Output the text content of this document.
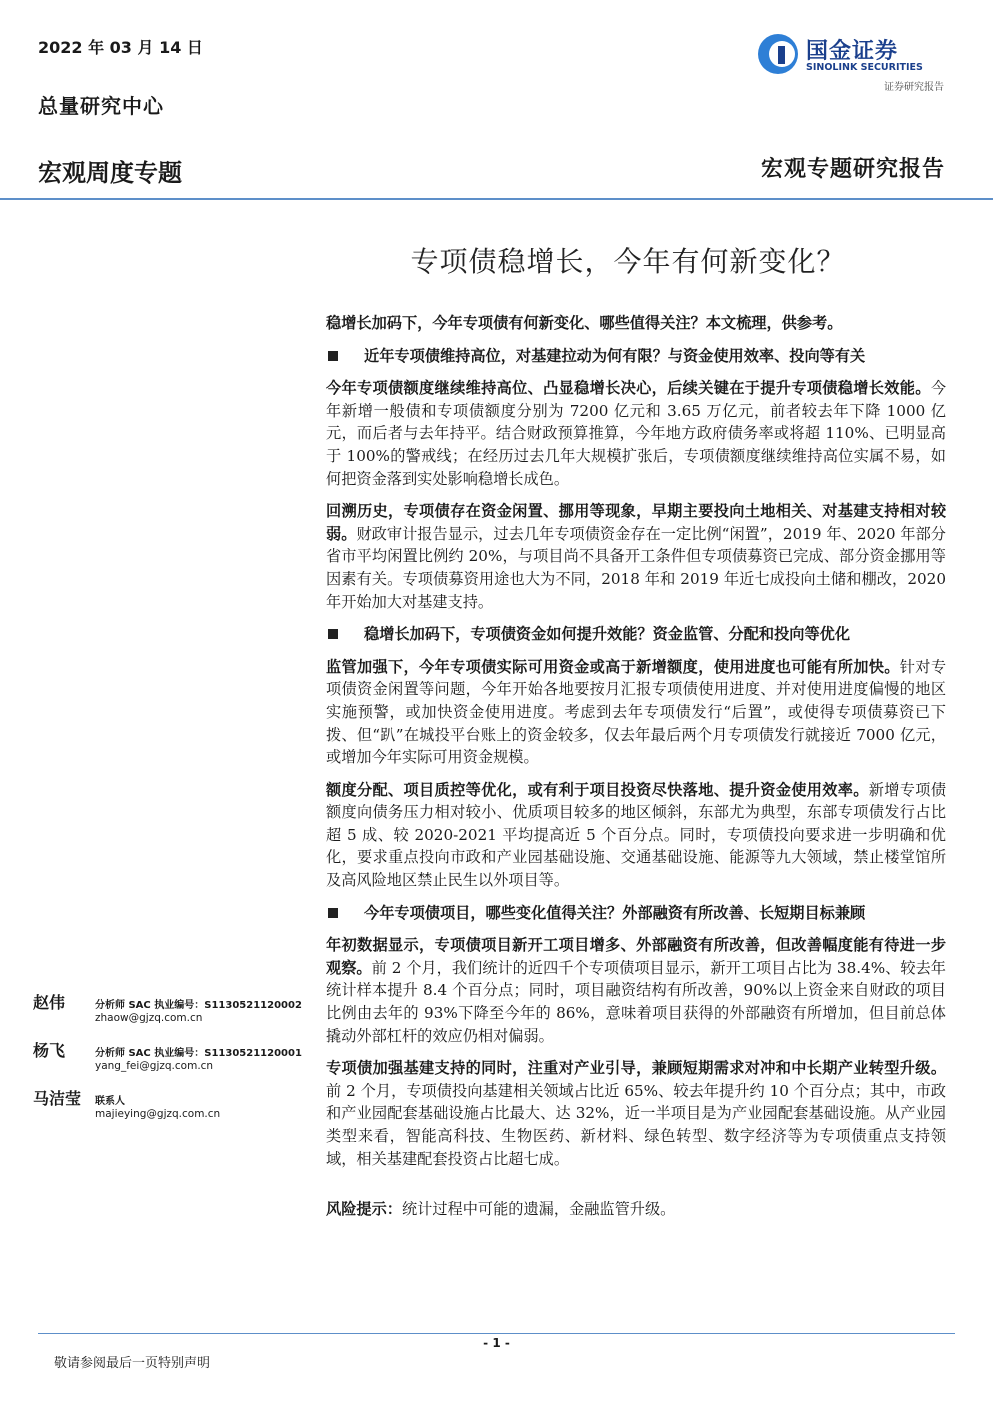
2022 年 03 月 14 日
总量研究中心
宏观周度专题	宏观专题研究报告
国金证券
SINOLINK SECURITIES
证券研究报告
专项债稳增长，今年有何新变化？

稳增长加码下，今年专项债有何新变化、哪些值得关注？本文梳理，供参考。

近年专项债维持高位，对基建拉动为何有限？与资金使用效率、投向等有关

今年专项债额度继续维持高位、凸显稳增长决心，后续关键在于提升专项债稳增长效能。今年新增一般债和专项债额度分别为 7200 亿元和 3.65 万亿元，前者较去年下降 1000 亿元，而后者与去年持平。结合财政预算推算，今年地方政府债务率或将超 110%、已明显高于 100%的警戒线；在经历过去几年大规模扩张后，专项债额度继续维持高位实属不易，如何把资金落到实处影响稳增长成色。

回溯历史，专项债存在资金闲置、挪用等现象，早期主要投向土地相关、对基建支持相对较弱。财政审计报告显示，过去几年专项债资金存在一定比例“闲置”，2019 年、2020 年部分省市平均闲置比例约 20%，与项目尚不具备开工条件但专项债募资已完成、部分资金挪用等因素有关。专项债募资用途也大为不同，2018 年和 2019 年近七成投向土储和棚改，2020 年开始加大对基建支持。

稳增长加码下，专项债资金如何提升效能？资金监管、分配和投向等优化

监管加强下，今年专项债实际可用资金或高于新增额度，使用进度也可能有所加快。针对专项债资金闲置等问题，今年开始各地要按月汇报专项债使用进度、并对使用进度偏慢的地区实施预警，或加快资金使用进度。考虑到去年专项债发行“后置”，或使得专项债募资已下拨、但“趴”在城投平台账上的资金较多，仅去年最后两个月专项债发行就接近 7000 亿元，或增加今年实际可用资金规模。

额度分配、项目质控等优化，或有利于项目投资尽快落地、提升资金使用效率。新增专项债额度向债务压力相对较小、优质项目较多的地区倾斜，东部尤为典型，东部专项债发行占比超 5 成、较 2020-2021 平均提高近 5 个百分点。同时，专项债投向要求进一步明确和优化，要求重点投向市政和产业园基础设施、交通基础设施、能源等九大领域，禁止楼堂馆所及高风险地区禁止民生以外项目等。

今年专项债项目，哪些变化值得关注？外部融资有所改善、长短期目标兼顾

年初数据显示，专项债项目新开工项目增多、外部融资有所改善，但改善幅度能有待进一步观察。前 2 个月，我们统计的近四千个专项债项目显示，新开工项目占比为 38.4%、较去年统计样本提升 8.4 个百分点；同时，项目融资结构有所改善，90%以上资金来自财政的项目比例由去年的 93%下降至今年的 86%，意味着项目获得的外部融资有所增加，但目前总体撬动外部杠杆的效应仍相对偏弱。

专项债加强基建支持的同时，注重对产业引导，兼顾短期需求对冲和中长期产业转型升级。前 2 个月，专项债投向基建相关领域占比近 65%、较去年提升约 10 个百分点；其中，市政和产业园配套基础设施占比最大、达 32%，近一半项目是为产业园配套基础设施。从产业园类型来看，智能高科技、生物医药、新材料、绿色转型、数字经济等为专项债重点支持领域，相关基建配套投资占比超七成。

风险提示：统计过程中可能的遗漏，金融监管升级。

赵伟	分析师 SAC 执业编号：S1130521120002
zhaow@gjzq.com.cn
杨飞	分析师 SAC 执业编号：S1130521120001
yang_fei@gjzq.com.cn
马洁莹 联系人
majieying@gjzq.com.cn
- 1 -
敬请参阅最后一页特别声明
